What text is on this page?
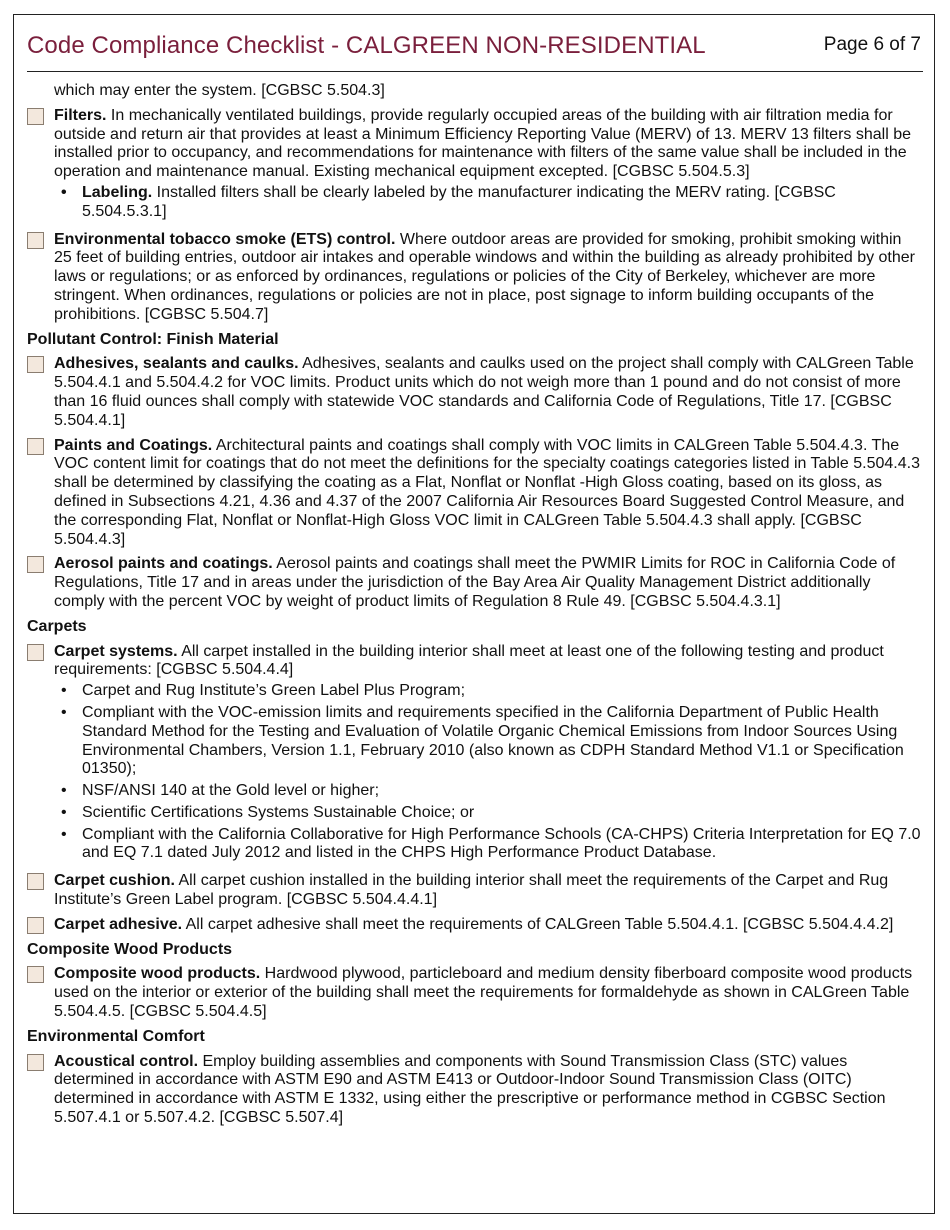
Code Compliance Checklist - CALGREEN NON-RESIDENTIAL	Page 6 of 7
which may enter the system. [CGBSC 5.504.3]
Filters. In mechanically ventilated buildings, provide regularly occupied areas of the building with air filtration media for outside and return air that provides at least a Minimum Efficiency Reporting Value (MERV) of 13. MERV 13 filters shall be installed prior to occupancy, and recommendations for maintenance with filters of the same value shall be included in the operation and maintenance manual. Existing mechanical equipment excepted. [CGBSC 5.504.5.3]
• Labeling. Installed filters shall be clearly labeled by the manufacturer indicating the MERV rating. [CGBSC 5.504.5.3.1]
Environmental tobacco smoke (ETS) control. Where outdoor areas are provided for smoking, prohibit smoking within 25 feet of building entries, outdoor air intakes and operable windows and within the building as already prohibited by other laws or regulations; or as enforced by ordinances, regulations or policies of the City of Berkeley, whichever are more stringent. When ordinances, regulations or policies are not in place, post signage to inform building occupants of the prohibitions. [CGBSC 5.504.7]
Pollutant Control: Finish Material
Adhesives, sealants and caulks. Adhesives, sealants and caulks used on the project shall comply with CALGreen Table 5.504.4.1 and 5.504.4.2 for VOC limits. Product units which do not weigh more than 1 pound and do not consist of more than 16 fluid ounces shall comply with statewide VOC standards and California Code of Regulations, Title 17. [CGBSC 5.504.4.1]
Paints and Coatings. Architectural paints and coatings shall comply with VOC limits in CALGreen Table 5.504.4.3. The VOC content limit for coatings that do not meet the definitions for the specialty coatings categories listed in Table 5.504.4.3 shall be determined by classifying the coating as a Flat, Nonflat or Nonflat -High Gloss coating, based on its gloss, as defined in Subsections 4.21, 4.36 and 4.37 of the 2007 California Air Resources Board Suggested Control Measure, and the corresponding Flat, Nonflat or Nonflat-High Gloss VOC limit in CALGreen Table 5.504.4.3 shall apply. [CGBSC 5.504.4.3]
Aerosol paints and coatings. Aerosol paints and coatings shall meet the PWMIR Limits for ROC in California Code of Regulations, Title 17 and in areas under the jurisdiction of the Bay Area Air Quality Management District additionally comply with the percent VOC by weight of product limits of Regulation 8 Rule 49. [CGBSC 5.504.4.3.1]
Carpets
Carpet systems. All carpet installed in the building interior shall meet at least one of the following testing and product requirements: [CGBSC 5.504.4.4]
• Carpet and Rug Institute’s Green Label Plus Program;
• Compliant with the VOC-emission limits and requirements specified in the California Department of Public Health Standard Method for the Testing and Evaluation of Volatile Organic Chemical Emissions from Indoor Sources Using Environmental Chambers, Version 1.1, February 2010 (also known as CDPH Standard Method V1.1 or Specification 01350);
• NSF/ANSI 140 at the Gold level or higher;
• Scientific Certifications Systems Sustainable Choice; or
• Compliant with the California Collaborative for High Performance Schools (CA-CHPS) Criteria Interpretation for EQ 7.0 and EQ 7.1 dated July 2012 and listed in the CHPS High Performance Product Database.
Carpet cushion. All carpet cushion installed in the building interior shall meet the requirements of the Carpet and Rug Institute’s Green Label program. [CGBSC 5.504.4.4.1]
Carpet adhesive. All carpet adhesive shall meet the requirements of CALGreen Table 5.504.4.1. [CGBSC 5.504.4.4.2]
Composite Wood Products
Composite wood products. Hardwood plywood, particleboard and medium density fiberboard composite wood products used on the interior or exterior of the building shall meet the requirements for formaldehyde as shown in CALGreen Table 5.504.4.5. [CGBSC 5.504.4.5]
Environmental Comfort
Acoustical control. Employ building assemblies and components with Sound Transmission Class (STC) values determined in accordance with ASTM E90 and ASTM E413 or Outdoor-Indoor Sound Transmission Class (OITC) determined in accordance with ASTM E 1332, using either the prescriptive or performance method in CGBSC Section 5.507.4.1 or 5.507.4.2. [CGBSC 5.507.4]
